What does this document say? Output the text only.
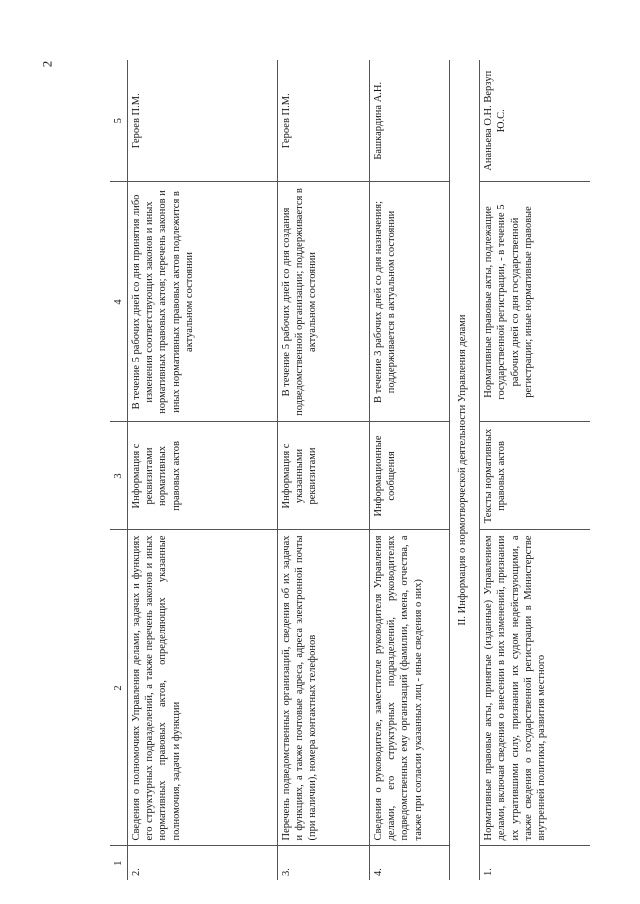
2
1	2	3	4	5
2.	Сведения о полномочиях Управления делами, задачах и функциях его структурных подразделений, а также перечень законов и иных нормативных правовых актов, определяющих указанные полномочия, задачи и функции	Информация с реквизитами нормативных правовых актов	В течение 5 рабочих дней со дня принятия либо изменения соответствующих законов и иных нормативных правовых актов; перечень законов и иных нормативных правовых актов подлежится в актуальном состоянии	Героев П.М.
3.	Перечень подведомственных организаций, сведения об их задачах и функциях, а также почтовые адреса, адреса электронной почты (при наличии), номера контактных телефонов	Информация с указанными реквизитами	В течение 5 рабочих дней со дня создания подведомственной организации; поддерживается в актуальном состоянии	Героев П.М.
4.	Сведения о руководителе, заместителе руководителя Управления делами, его структурных подразделений, руководителях подведомственных ему организаций (фамилии, имена, отчества, а также при согласии указанных лиц - иные сведения о них)	Информационные сообщения	В течение 3 рабочих дней со дня назначения; поддерживается в актуальном состоянии	Башкардина А.Н.
II. Информация о нормотворческой деятельности Управления делами				
1.	Нормативные правовые акты, принятые (изданные) Управлением делами, включая сведения о внесении в них изменений, признании их утратившими силу, признании их судом недействующими, а также сведения о государственной регистрации в Министерстве внутренней политики, развития местного	Тексты нормативных правовых актов	Нормативные правовые акты, подлежащие государственной регистрации, - в течение 5 рабочих дней со дня государственной регистрации; иные нормативные правовые	Ананьева О.Н. Верзуп Ю.С.
